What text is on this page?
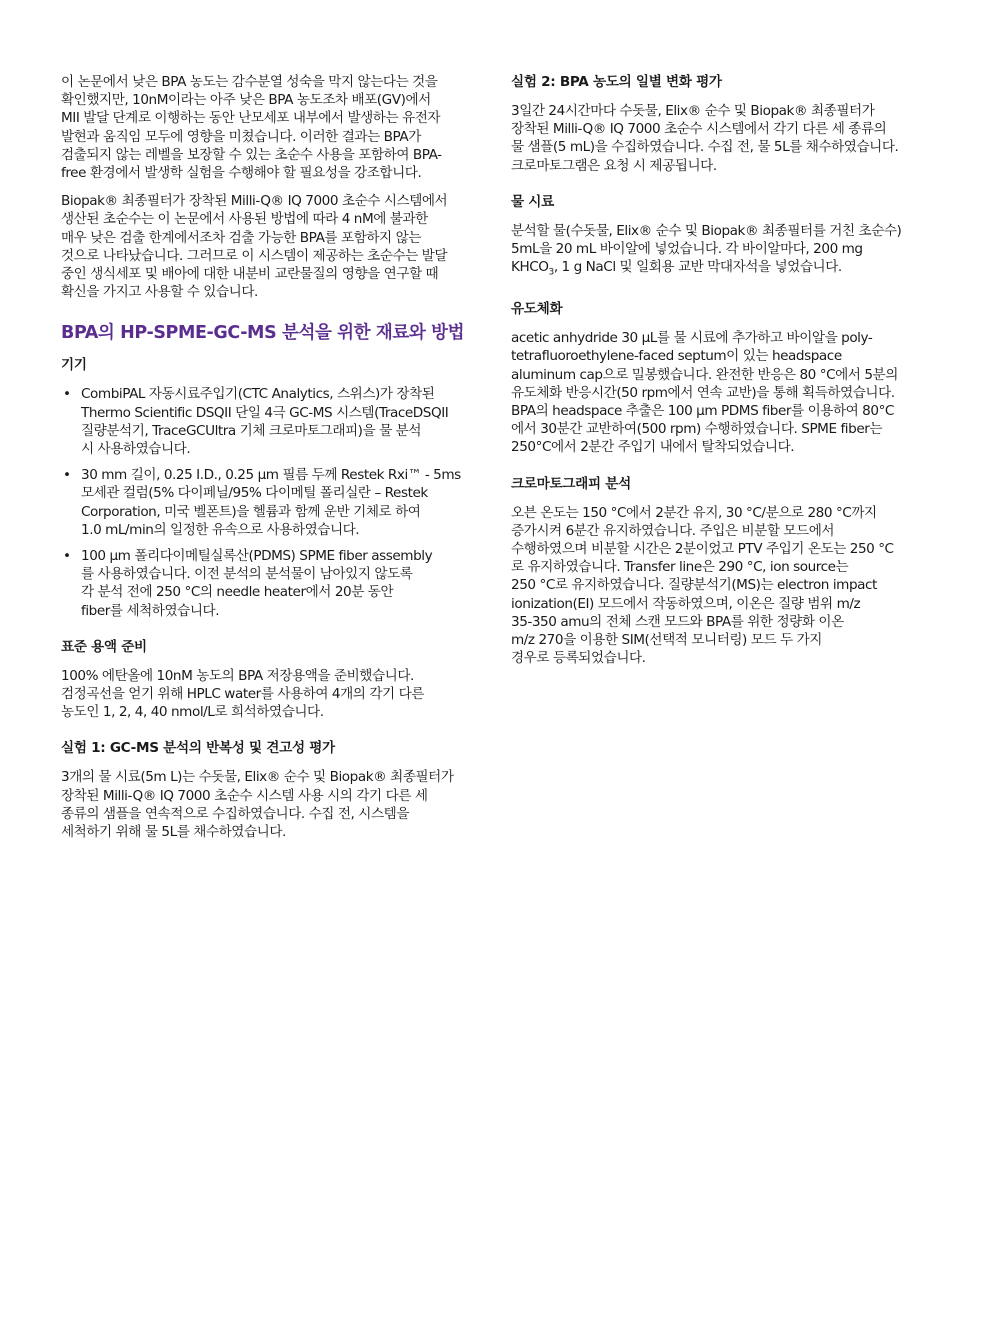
이 논문에서 낮은 BPA 농도는 감수분열 성숙을 막지 않는다는 것을
확인했지만, 10nM이라는 아주 낮은 BPA 농도조차 배포(GV)에서
MII 발달 단계로 이행하는 동안 난모세포 내부에서 발생하는 유전자
발현과 움직임 모두에 영향을 미쳤습니다. 이러한 결과는 BPA가
검출되지 않는 레벨을 보장할 수 있는 초순수 사용을 포함하여 BPA-
free 환경에서 발생학 실험을 수행해야 할 필요성을 강조합니다.

Biopak® 최종필터가 장착된 Milli-Q® IQ 7000 초순수 시스템에서
생산된 초순수는 이 논문에서 사용된 방법에 따라 4 nM에 불과한
매우 낮은 검출 한계에서조차 검출 가능한 BPA를 포함하지 않는
것으로 나타났습니다. 그러므로 이 시스템이 제공하는 초순수는 발달
중인 생식세포 및 배아에 대한 내분비 교란물질의 영향을 연구할 때
확신을 가지고 사용할 수 있습니다.

BPA의 HP-SPME-GC-MS 분석을 위한 재료와 방법
기기
• CombiPAL 자동시료주입기(CTC Analytics, 스위스)가 장착된
Thermo Scientific DSQII 단일 4극 GC-MS 시스템(TraceDSQII
질량분석기, TraceGCUltra 기체 크로마토그래피)을 물 분석
시 사용하였습니다.
• 30 mm 길이, 0.25 I.D., 0.25 µm 필름 두께 Restek Rxi™ - 5ms
모세관 컬럼(5% 다이페닐/95% 다이메틸 폴리실란 – Restek
Corporation, 미국 벨폰트)을 헬륨과 함께 운반 기체로 하여
1.0 mL/min의 일정한 유속으로 사용하였습니다.
• 100 µm 폴리다이메틸실록산(PDMS) SPME fiber assembly
를 사용하였습니다. 이전 분석의 분석물이 남아있지 않도록
각 분석 전에 250 °C의 needle heater에서 20분 동안
fiber를 세척하였습니다.
표준 용액 준비

100% 에탄올에 10nM 농도의 BPA 저장용액을 준비했습니다.
검정곡선을 얻기 위해 HPLC water를 사용하여 4개의 각기 다른
농도인 1, 2, 4, 40 nmol/L로 희석하였습니다.

실험 1: GC-MS 분석의 반복성 및 견고성 평가

3개의 물 시료(5m L)는 수돗물, Elix® 순수 및 Biopak® 최종필터가
장착된 Milli-Q® IQ 7000 초순수 시스템 사용 시의 각기 다른 세
종류의 샘플을 연속적으로 수집하였습니다. 수집 전, 시스템을
세척하기 위해 물 5L를 채수하였습니다.

실험 2: BPA 농도의 일별 변화 평가

3일간 24시간마다 수돗물, Elix® 순수 및 Biopak® 최종필터가
장착된 Milli-Q® IQ 7000 초순수 시스템에서 각기 다른 세 종류의
물 샘플(5 mL)을 수집하였습니다. 수집 전, 물 5L를 채수하였습니다.
크로마토그램은 요청 시 제공됩니다.

물 시료

분석할 물(수돗물, Elix® 순수 및 Biopak® 최종필터를 거친 초순수)
5mL을 20 mL 바이알에 넣었습니다. 각 바이알마다, 200 mg
$KHCO_3$, 1 g NaCl 및 일회용 교반 막대자석을 넣었습니다.

유도체화

acetic anhydride 30 µL를 물 시료에 추가하고 바이알을 poly-
tetrafluoroethylene-faced septum이 있는 headspace
aluminum cap으로 밀봉했습니다. 완전한 반응은 80 °C에서 5분의
유도체화 반응시간(50 rpm에서 연속 교반)을 통해 획득하였습니다.
BPA의 headspace 추출은 100 µm PDMS fiber를 이용하여 80°C
에서 30분간 교반하여(500 rpm) 수행하였습니다. SPME fiber는
250°C에서 2분간 주입기 내에서 탈착되었습니다.

크로마토그래피 분석

오븐 온도는 150 °C에서 2분간 유지, 30 °C/분으로 280 °C까지
증가시켜 6분간 유지하였습니다. 주입은 비분할 모드에서
수행하였으며 비분할 시간은 2분이었고 PTV 주입기 온도는 250 °C
로 유지하였습니다. Transfer line은 290 °C, ion source는
250 °C로 유지하였습니다. 질량분석기(MS)는 electron impact
ionization(EI) 모드에서 작동하였으며, 이온은 질량 범위 m/z
35-350 amu의 전체 스캔 모드와 BPA를 위한 정량화 이온
m/z 270을 이용한 SIM(선택적 모니터링) 모드 두 가지
경우로 등록되었습니다.
